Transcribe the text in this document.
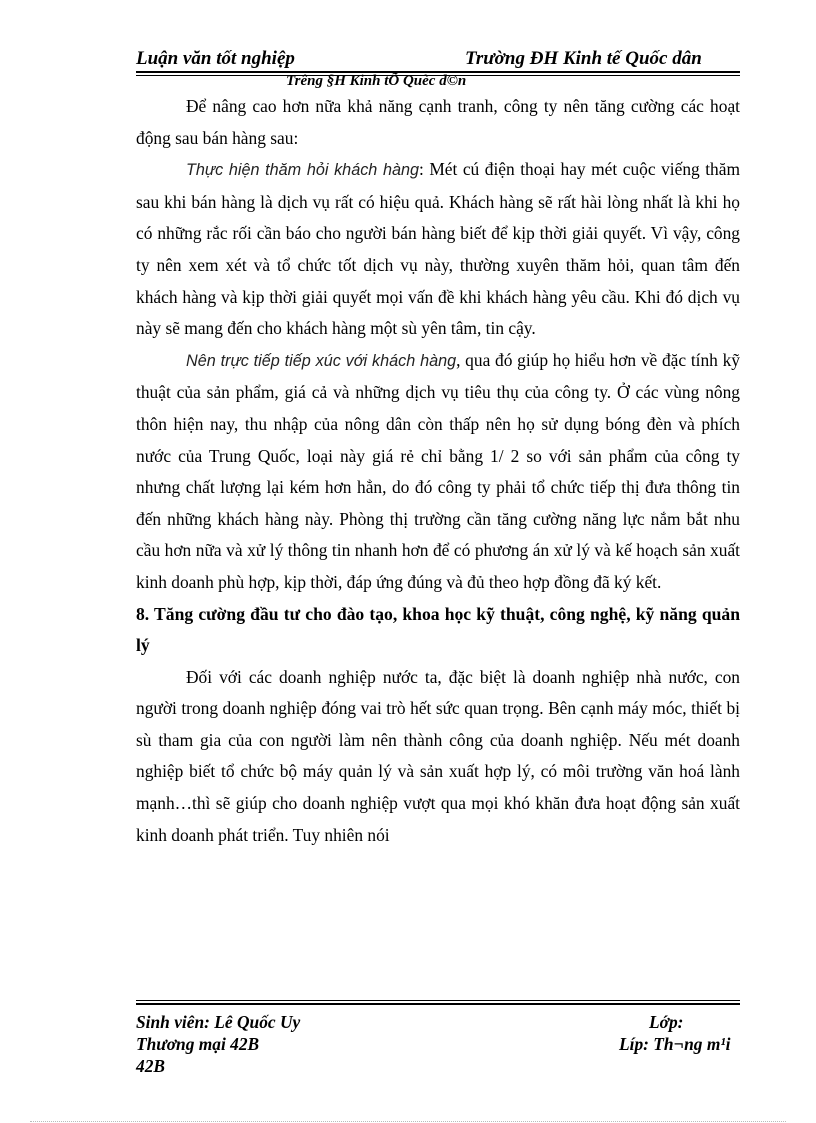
Luận văn tốt nghiệp	Trường ĐH Kinh tế Quốc dân
Trêng §H Kinh tÕ Quèc d©n

Để nâng cao hơn nữa khả năng cạnh tranh, công ty nên tăng cường các hoạt động sau bán hàng sau:

Thực hiện thăm hỏi khách hàng: Mét cú điện thoại hay mét cuộc viếng thăm sau khi bán hàng là dịch vụ rất có hiệu quả. Khách hàng sẽ rất hài lòng nhất là khi họ có những rắc rối cần báo cho người bán hàng biết để kịp thời giải quyết. Vì vậy, công ty nên xem xét và tổ chức tốt dịch vụ này, thường xuyên thăm hỏi, quan tâm đến khách hàng và kịp thời giải quyết mọi vấn đề khi khách hàng yêu cầu. Khi đó dịch vụ này sẽ mang đến cho khách hàng một sù yên tâm, tin cậy.

Nên trực tiếp tiếp xúc với khách hàng, qua đó giúp họ hiểu hơn về đặc tính kỹ thuật của sản phẩm, giá cả và những dịch vụ tiêu thụ của công ty. Ở các vùng nông thôn hiện nay, thu nhập của nông dân còn thấp nên họ sử dụng bóng đèn và phích nước của Trung Quốc, loại này giá rẻ chỉ bằng 1/ 2 so với sản phẩm của công ty nhưng chất lượng lại kém hơn hẳn, do đó công ty phải tổ chức tiếp thị đưa thông tin đến những khách hàng này. Phòng thị trường cần tăng cường năng lực nắm bắt nhu cầu hơn nữa và xử lý thông tin nhanh hơn để có phương án xử lý và kế hoạch sản xuất kinh doanh phù hợp, kịp thời, đáp ứng đúng và đủ theo hợp đồng đã ký kết.

8. Tăng cường đầu tư cho đào tạo, khoa học kỹ thuật, công nghệ, kỹ năng quản lý

Đối với các doanh nghiệp nước ta, đặc biệt là doanh nghiệp nhà nước, con người trong doanh nghiệp đóng vai trò hết sức quan trọng. Bên cạnh máy móc, thiết bị sù tham gia của con người làm nên thành công của doanh nghiệp. Nếu mét doanh nghiệp biết tổ chức bộ máy quản lý và sản xuất hợp lý, có môi trường văn hoá lành mạnh…thì sẽ giúp cho doanh nghiệp vượt qua mọi khó khăn đưa hoạt động sản xuất kinh doanh phát triển. Tuy nhiên nói

Sinh viên: Lê Quốc Uy	Lớp:
Thương mại 42B	Líp: Th¬ng m¹i
42B
